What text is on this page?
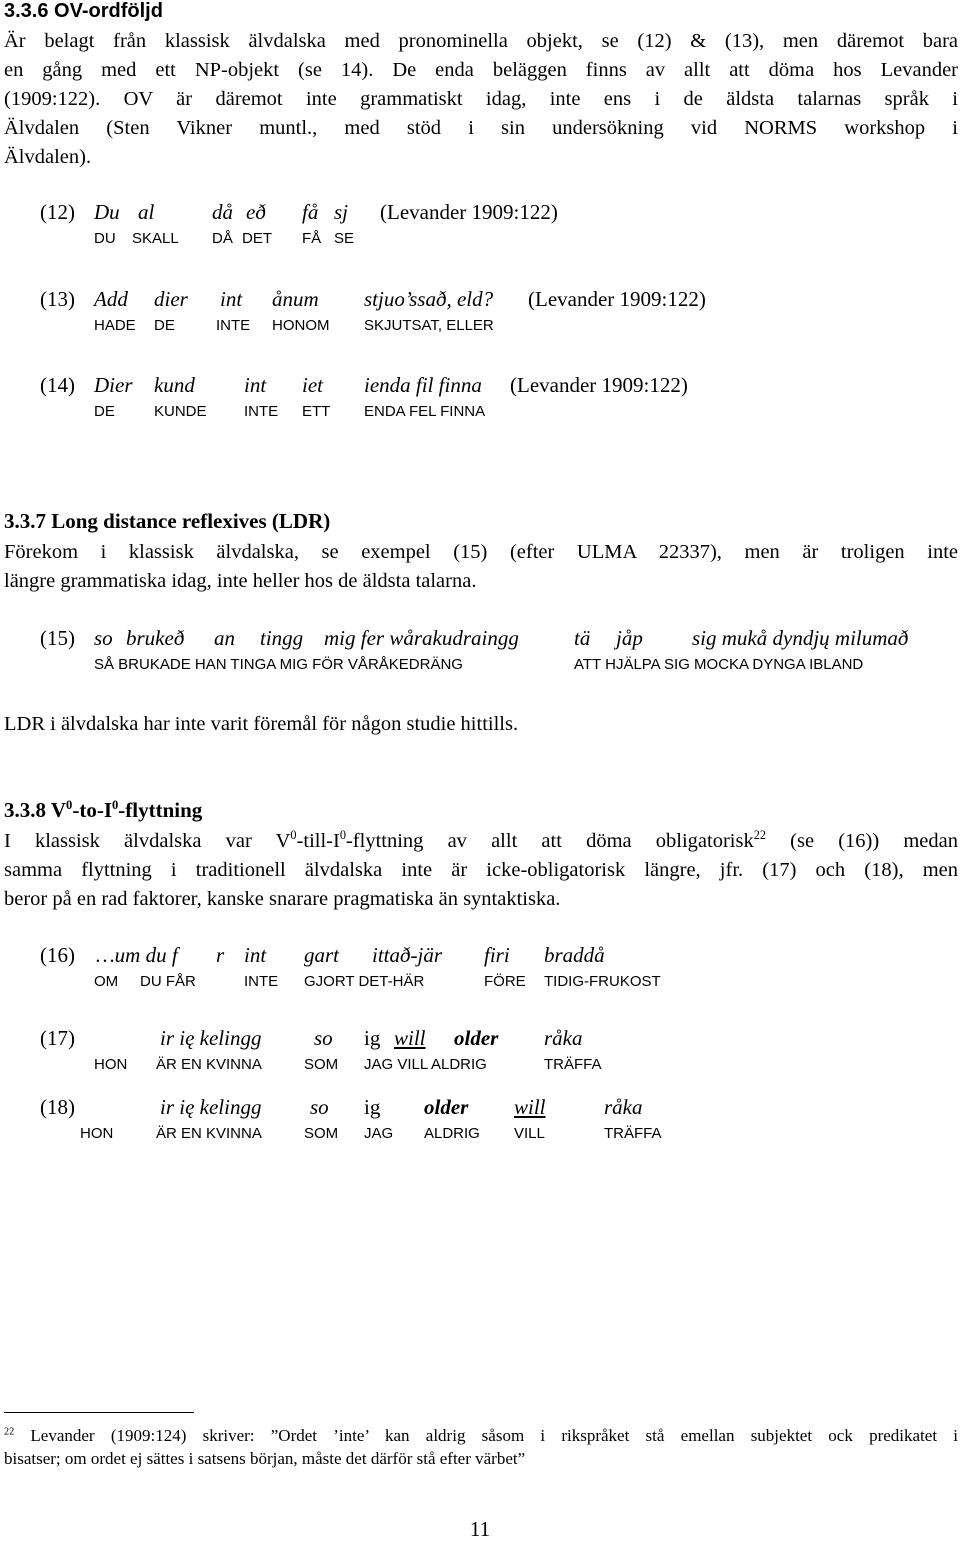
3.3.6 OV-ordföljd
Är belagt från klassisk älvdalska med pronominella objekt, se (12) & (13), men däremot bara
en gång med ett NP-objekt (se 14). De enda beläggen finns av allt att döma hos Levander
(1909:122). OV är däremot inte grammatiskt idag, inte ens i de äldsta talarnas språk i
Älvdalen (Sten Vikner muntl., med stöd i sin undersökning vid NORMS workshop i
Älvdalen).
(12) Du al	då eð få sj (Levander 1909:122)
DU SKALL DÅ DET FÅ SE
(13) Add dier int ånum stjuo’ssað, eld? (Levander 1909:122)
HADE DE	INTE HONOM SKJUTSAT, ELLER
(14) Dier kund int iet ienda fil finna (Levander 1909:122)
DE	KUNDE INTE ETT ENDA FEL FINNA
3.3.7 Long distance reflexives (LDR)
Förekom i klassisk älvdalska, se exempel (15) (efter ULMA 22337), men är troligen inte
längre grammatiska idag, inte heller hos de äldsta talarna.
(15) so brukeð an tingg mig fer wårakudraingg	tä jåp sig mukå dyndjų milumað
SÅ BRUKADE HAN TINGA MIG FÖR VÅRÅKEDRÄNG	ATT HJÄLPA SIG MOCKA DYNGA IBLAND
LDR i älvdalska har inte varit föremål för någon studie hittills.
3.3.8 $V^0-to-I^0$-flyttning
I klassisk älvdalska var $V^0-till-I^0$-flyttning av allt att döma obligatorisk$^{22}$ (se (16)) medan
samma flyttning i traditionell älvdalska inte är icke-obligatorisk längre, jfr. (17) och (18), men
beror på en rad faktorer, kanske snarare pragmatiska än syntaktiska.
(16) …um du f r int gart ittað-jär firi braddå
OM DU FÅR	INTE GJORT DET-HÄR	FÖRE TIDIG-FRUKOST
(17)	ir ię kelingg	so ig will older råka
HON ÄR EN KVINNA	SOM JAG VILL ALDRIG	TRÄFFA
(18)	ir ię kelingg so ig older will	råka
HON	ÄR EN KVINNA	SOM JAG ALDRIG VILL	TRÄFFA
$^{22}$ Levander (1909:124) skriver: ”Ordet ’inte’ kan aldrig såsom i rikspråket stå emellan subjektet ock predikatet i
bisatser; om ordet ej sättes i satsens början, måste det därför stå efter värbet”
11
